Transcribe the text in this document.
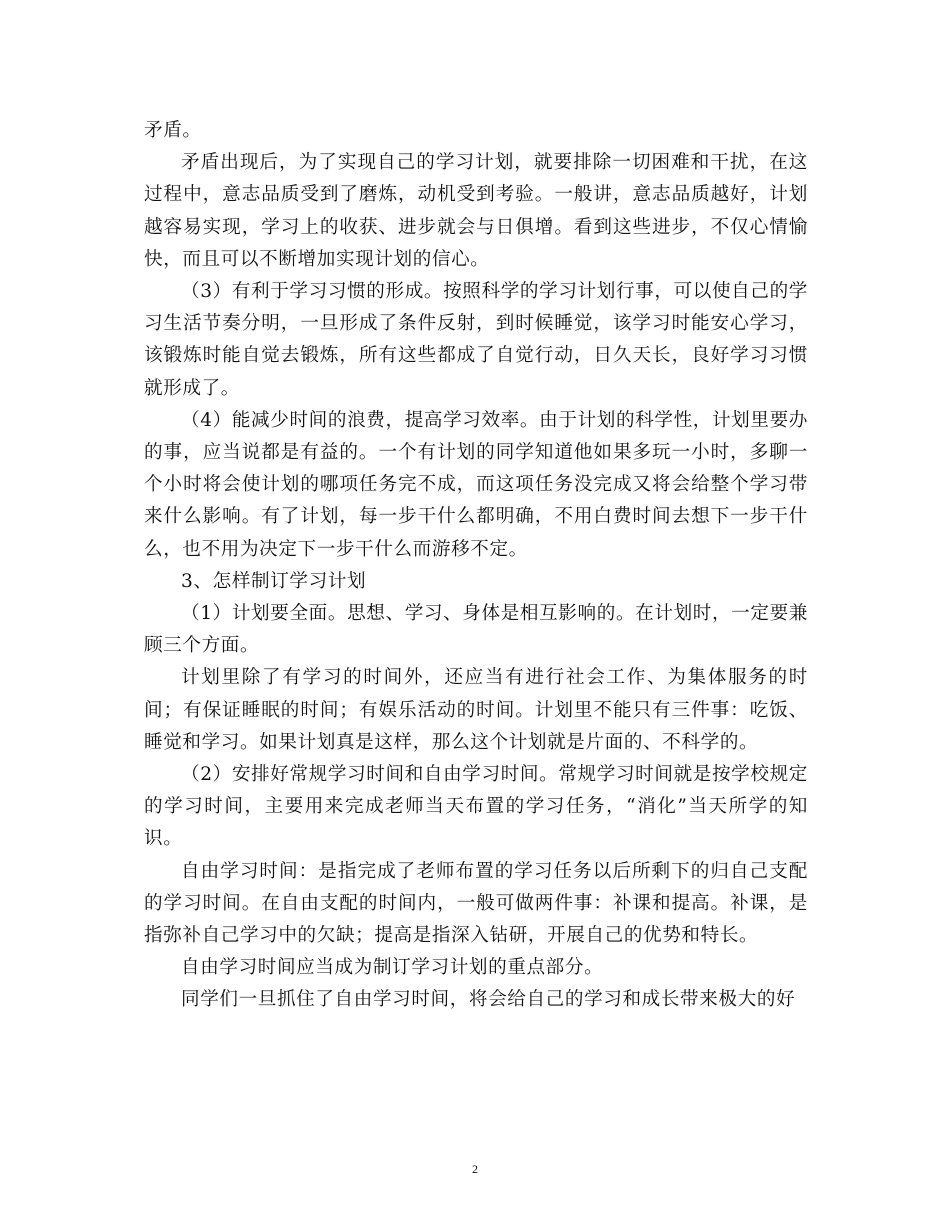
矛盾。

矛盾出现后，为了实现自己的学习计划，就要排除一切困难和干扰，在这过程中，意志品质受到了磨炼，动机受到考验。一般讲，意志品质越好，计划越容易实现，学习上的收获、进步就会与日俱增。看到这些进步，不仅心情愉快，而且可以不断增加实现计划的信心。

（3）有利于学习习惯的形成。按照科学的学习计划行事，可以使自己的学习生活节奏分明，一旦形成了条件反射，到时候睡觉，该学习时能安心学习，该锻炼时能自觉去锻炼，所有这些都成了自觉行动，日久天长，良好学习习惯就形成了。

（4）能减少时间的浪费，提高学习效率。由于计划的科学性，计划里要办的事，应当说都是有益的。一个有计划的同学知道他如果多玩一小时，多聊一个小时将会使计划的哪项任务完不成，而这项任务没完成又将会给整个学习带来什么影响。有了计划，每一步干什么都明确，不用白费时间去想下一步干什么，也不用为决定下一步干什么而游移不定。

3、怎样制订学习计划

（1）计划要全面。思想、学习、身体是相互影响的。在计划时，一定要兼顾三个方面。

计划里除了有学习的时间外，还应当有进行社会工作、为集体服务的时间；有保证睡眠的时间；有娱乐活动的时间。计划里不能只有三件事：吃饭、睡觉和学习。如果计划真是这样，那么这个计划就是片面的、不科学的。

（2）安排好常规学习时间和自由学习时间。常规学习时间就是按学校规定的学习时间，主要用来完成老师当天布置的学习任务，“消化”当天所学的知识。

自由学习时间：是指完成了老师布置的学习任务以后所剩下的归自己支配的学习时间。在自由支配的时间内，一般可做两件事：补课和提高。补课，是指弥补自己学习中的欠缺；提高是指深入钻研，开展自己的优势和特长。

自由学习时间应当成为制订学习计划的重点部分。

同学们一旦抓住了自由学习时间，将会给自己的学习和成长带来极大的好

2
